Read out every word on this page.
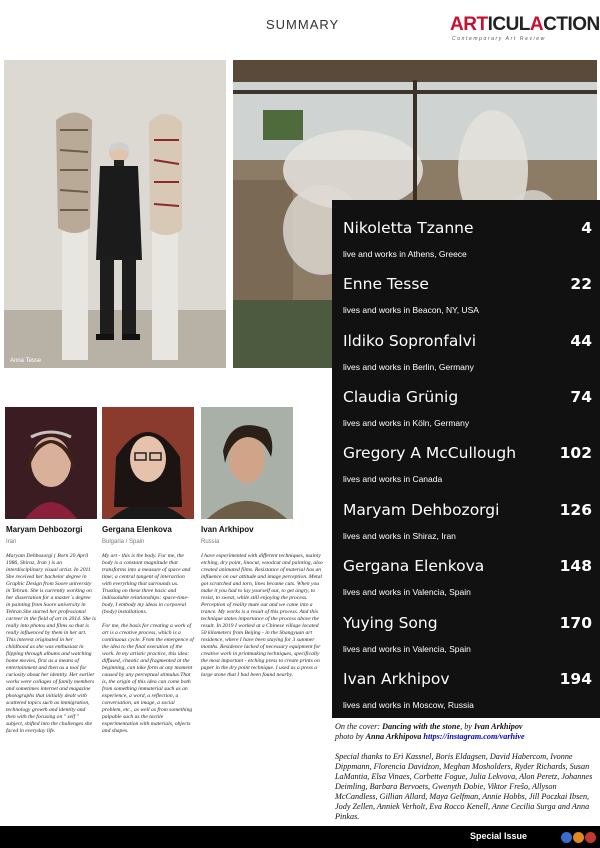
SUMMARY	ARTICULACTION
Contemporary Art Review
Anna Tesse
Nikoletta Tzanne	4
live and works in Athens, Greece
Enne Tesse	22
lives and works in Beacon, NY, USA
Ildiko Sopronfalvi	44
lives and works in Berlin, Germany
Claudia Grünig	74
lives and works in Köln, Germany
Gregory A McCullough	102
lives and works in Canada
Maryam Dehbozorgi	126
lives and works in Shiraz, Iran
Gergana Elenkova	148
lives and works in Valencia, Spain
Yuying Song	170
lives and works in Valencia, Spain
Ivan Arkhipov	194
lives and works in Moscow, Russia
Maryam Dehbozorgi
Iran
Maryam Dehbozorgi ( Born 20 April 1986, Shiraz, Iran ) is an interdisciplinary visual artist. In 2011 She received her bachelor degree in Graphic Design from Soore university in Tehran. She is currently working on her dissertation for a master`s degree in painting from Soore university in Tehran.She started her professional carreer in the field of art in 2014. She is really into photos and films so that is really influenced by them in her art. This interest originated in her childhood as she was enthusiast in flipping through albums and watching home movies, first as a means of entertainment and then as a tool for curiosity about her identity. Her earlier works were collages of family members and sometimes internet and magazine photographs that initially dealt with scattered topics such as immigration, technology growth and identity and then with the focusing on " self " subject, shifted into the challenges she faced in everyday life.
Gergana Elenkova
Bulgaria / Spain
My art - this is the body. For me, the body is a constant magnitude that transforms into a measure of space and time; a central tangent of interaction with everything that surrounds us. Trusting on these three basic and indissoluble relationships: space-time-body, I embody my ideas in corporeal (body) installations.
For me, the basis for creating a work of art is a creative process, which is a continuous cycle. From the emergence of the idea to the final execution of the work. In my artistic practice, this idea: diffused, chaotic and fragmented at the beginning, can take form at any moment caused by any perceptual stimulus.That is, the origin of this idea can come both from something immaterial such as an experience, a word, a reflection, a conversation, an image, a social problem, etc., as well as from something palpable such as the tactile experimentation with materials, objects and shapes.
Ivan Arkhipov
Russia
I have experimented with different techniques, mainly etching, dry point, linocut, woodcut and painting, also created animated films. Resistance of material has an influence on our attitude and image perception. Metal got scratched and torn, lines became cuts. When you make it you had to lay yourself out, to get angry, to resist, to sweat, while still enjoying the process. Perception of reality mute out and we came into a trance. My works is a result of this process. And this technique states importance of the process above the result. In 2019 I worked at a Chinese village located 50 kilometers from Beijing - in the Shangyuan art residence, where I have been staying for 3 summer months. Residence lacked of necessary equipment for creative work in printmaking techniques, specifically the most important - etching press to create prints on paper in the dry point technique. I used as a press a large stone that I had been found nearby.
On the cover: Dancing with the stone, by Ivan Arkhipov
photo by Anna Arkhipova https://instagram.com/varhive
Special thanks to Eri Kassnel, Boris Eldagsen, David Habercom, Ivonne Dippmann, Florencia Davidzon, Meghan Mosholders, Ryder Richards, Susan LaMantia, Elsa Vinaes, Corbette Fogue, Julia Lekvova, Alon Peretz, Johannes Deimling, Barbara Bervoets, Gwenyth Dobie, Viktor Freŝo, Allyson McCandless, Gillian Allard, Maya Gelfman, Annie Hobbs, Jill Poczkai Ibsen, Jody Zellen, Anniek Verholt, Eva Rocco Kenell, Anne Cecilia Surga and Anna Pinkas.
Special Issue
